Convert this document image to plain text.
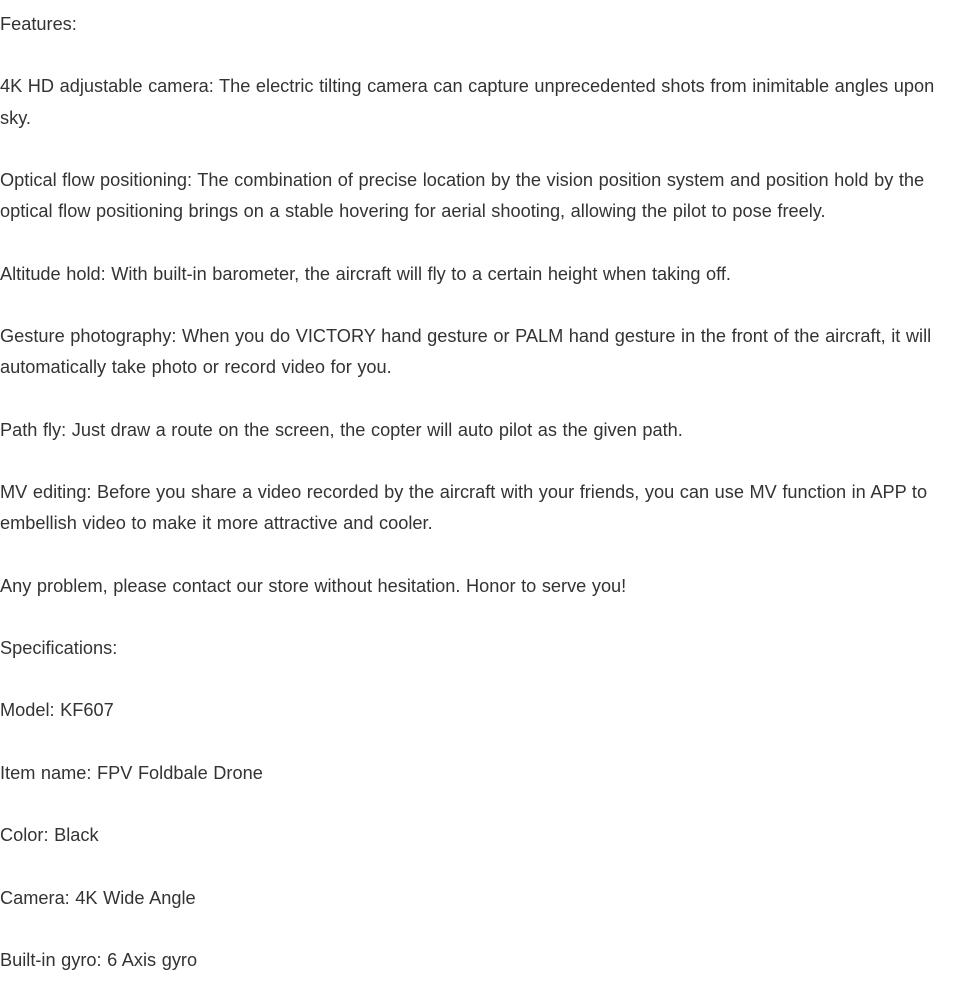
Features:

4K HD adjustable camera: The electric tilting camera can capture unprecedented shots from inimitable angles upon sky.

Optical flow positioning: The combination of precise location by the vision position system and position hold by the optical flow positioning brings on a stable hovering for aerial shooting, allowing the pilot to pose freely.

Altitude hold: With built-in barometer, the aircraft will fly to a certain height when taking off.

Gesture photography: When you do VICTORY hand gesture or PALM hand gesture in the front of the aircraft, it will automatically take photo or record video for you.

Path fly: Just draw a route on the screen, the copter will auto pilot as the given path.

MV editing: Before you share a video recorded by the aircraft with your friends, you can use MV function in APP to embellish video to make it more attractive and cooler.

Any problem, please contact our store without hesitation. Honor to serve you!

Specifications:

Model: KF607

Item name: FPV Foldbale Drone

Color: Black

Camera: 4K Wide Angle

Built-in gyro: 6 Axis gyro
